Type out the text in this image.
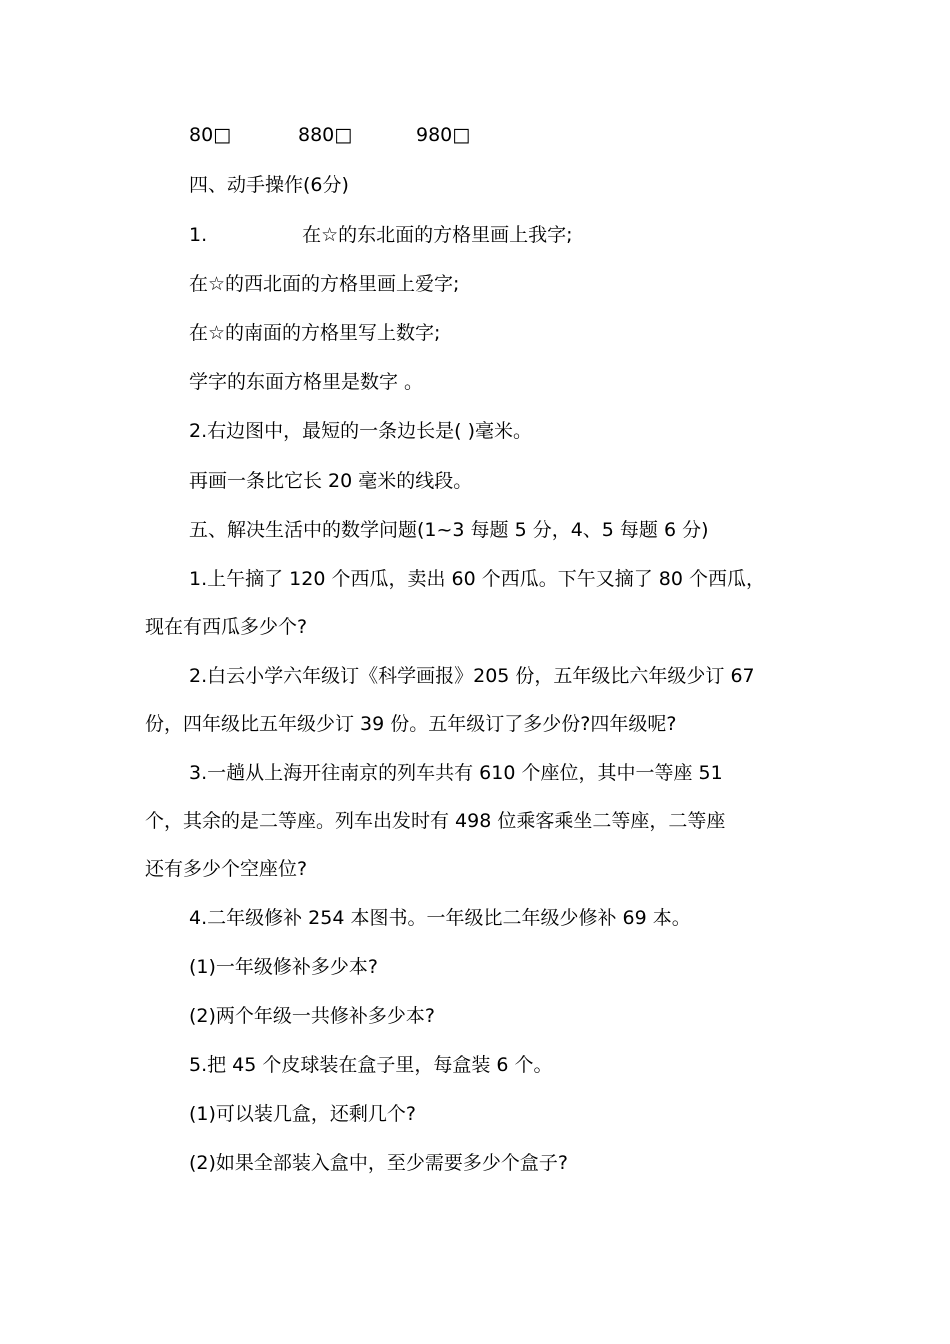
80□	880□	980□
四、动手操作(6分)
1.	在☆的东北面的方格里画上我字;
在☆的西北面的方格里画上爱字;
在☆的南面的方格里写上数字;
学字的东面方格里是数字 。
2.右边图中，最短的一条边长是( )毫米。
再画一条比它长 20 毫米的线段。
五、解决生活中的数学问题(1~3 每题 5 分，4、5 每题 6 分)
1.上午摘了 120 个西瓜，卖出 60 个西瓜。下午又摘了 80 个西瓜，
现在有西瓜多少个?
2.白云小学六年级订《科学画报》205 份，五年级比六年级少订 67
份，四年级比五年级少订 39 份。五年级订了多少份?四年级呢?
3.一趟从上海开往南京的列车共有 610 个座位，其中一等座 51
个，其余的是二等座。列车出发时有 498 位乘客乘坐二等座，二等座
还有多少个空座位?
4.二年级修补 254 本图书。一年级比二年级少修补 69 本。
(1)一年级修补多少本?
(2)两个年级一共修补多少本?
5.把 45 个皮球装在盒子里，每盒装 6 个。
(1)可以装几盒，还剩几个?
(2)如果全部装入盒中，至少需要多少个盒子?
